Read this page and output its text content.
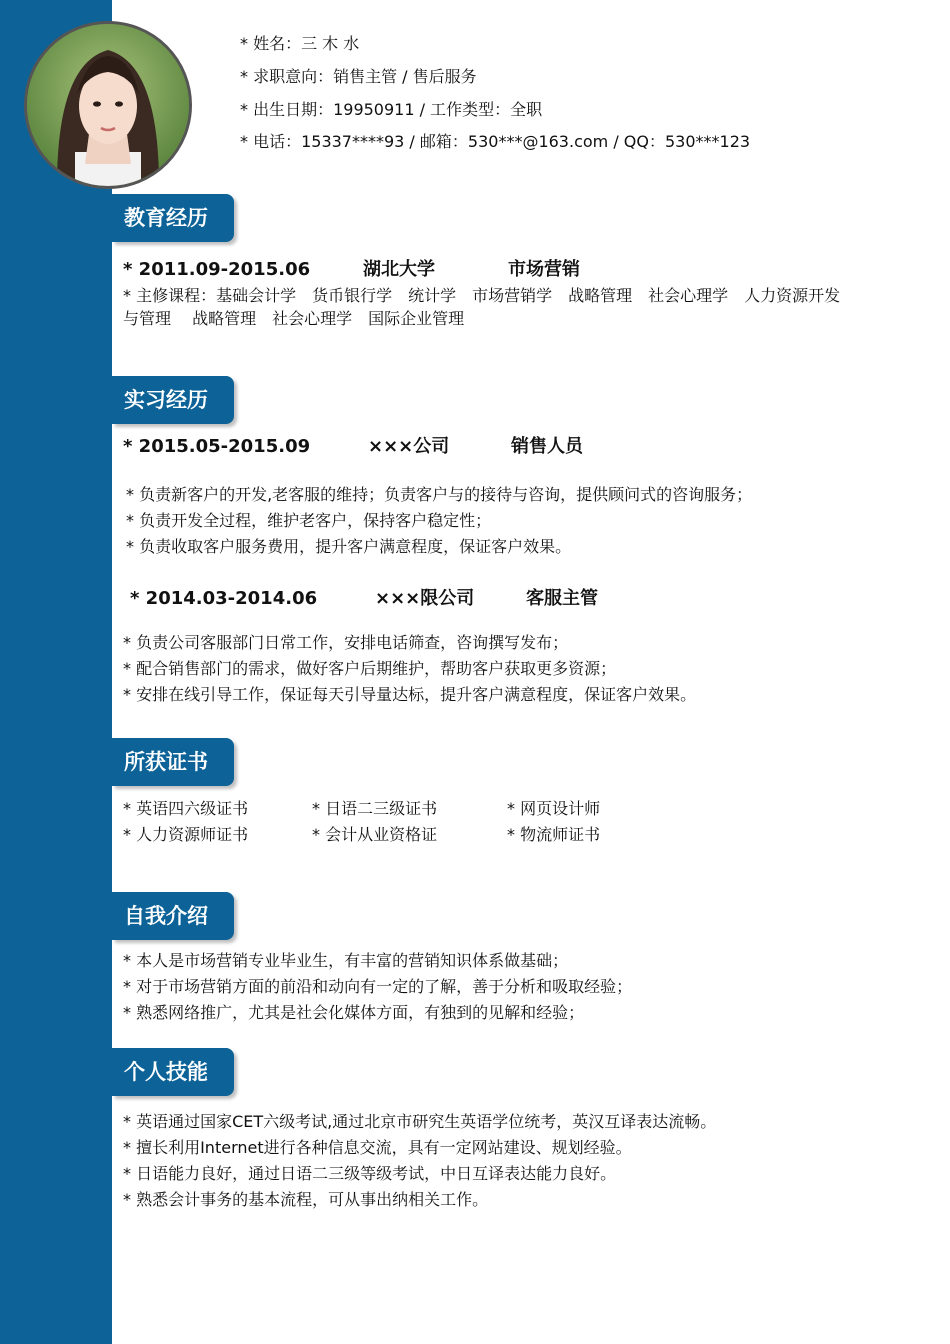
* 姓名：三 木 水
* 求职意向：销售主管 / 售后服务
* 出生日期：19950911 / 工作类型：全职
* 电话：15337****93 / 邮箱：530***@163.com / QQ：530***123
教育经历
* 2011.09-2015.06	湖北大学	市场营销
* 主修课程：基础会计学　货币银行学　统计学　市场营销学　战略管理　社会心理学　人力资源开发
与管理　 战略管理　社会心理学　国际企业管理
实习经历
* 2015.05-2015.09	×××公司	销售人员
* 负责新客户的开发,老客服的维持；负责客户与的接待与咨询，提供顾问式的咨询服务；
* 负责开发全过程，维护老客户，保持客户稳定性；
* 负责收取客户服务费用，提升客户满意程度，保证客户效果。
* 2014.03-2014.06	×××限公司	客服主管
* 负责公司客服部门日常工作，安排电话筛查，咨询撰写发布；
* 配合销售部门的需求，做好客户后期维护，帮助客户获取更多资源；
* 安排在线引导工作，保证每天引导量达标，提升客户满意程度，保证客户效果。
所获证书
* 英语四六级证书	* 日语二三级证书	* 网页设计师
* 人力资源师证书	* 会计从业资格证	* 物流师证书
自我介绍
* 本人是市场营销专业毕业生，有丰富的营销知识体系做基础；
* 对于市场营销方面的前沿和动向有一定的了解，善于分析和吸取经验；
* 熟悉网络推广，尤其是社会化媒体方面，有独到的见解和经验；
个人技能
* 英语通过国家CET六级考试,通过北京市研究生英语学位统考，英汉互译表达流畅。
* 擅长利用Internet进行各种信息交流，具有一定网站建设、规划经验。
* 日语能力良好，通过日语二三级等级考试，中日互译表达能力良好。
* 熟悉会计事务的基本流程，可从事出纳相关工作。
